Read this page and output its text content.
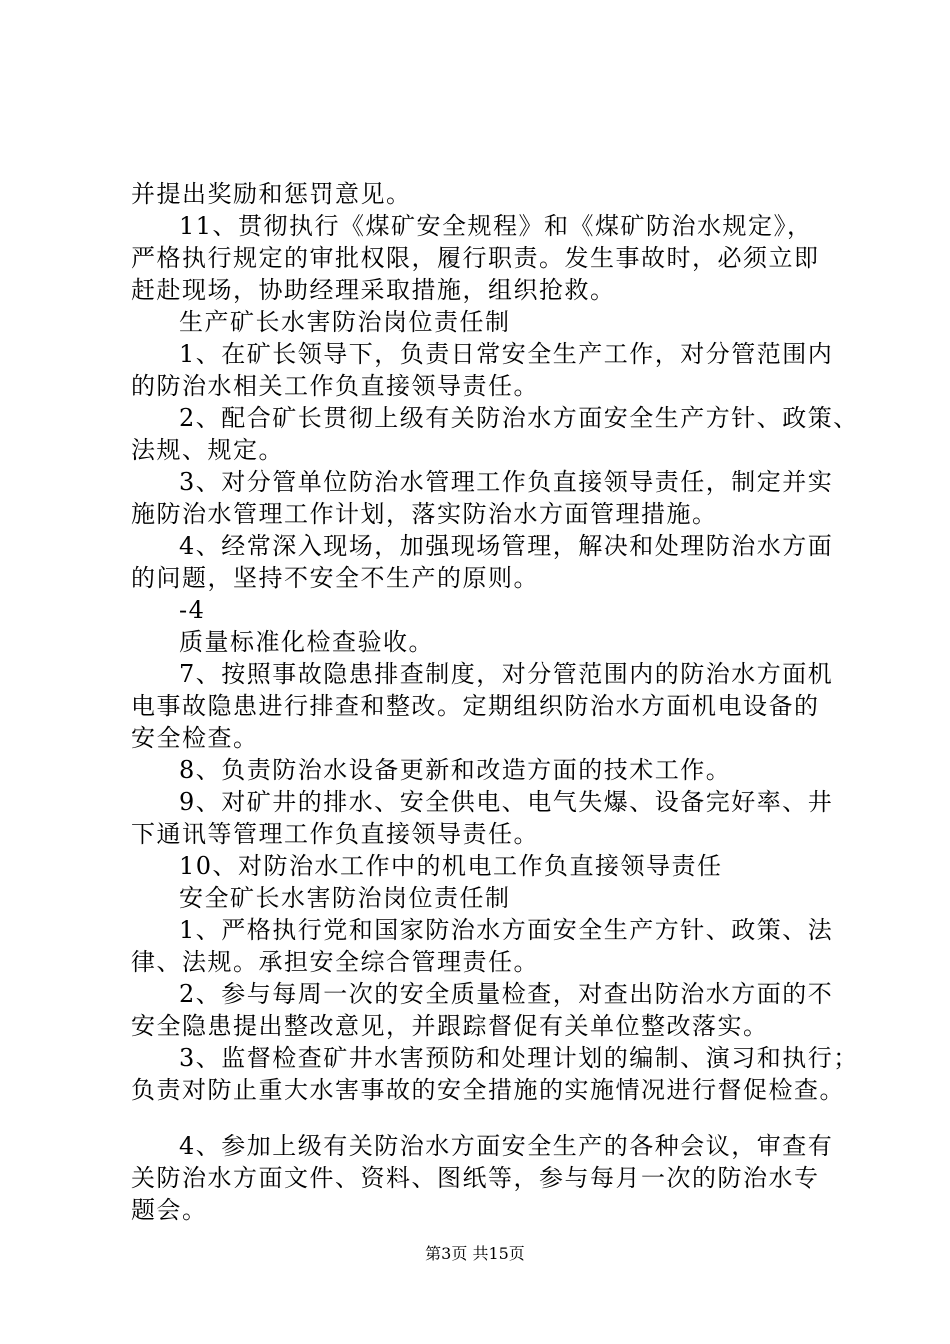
并提出奖励和惩罚意见。

11、贯彻执行《煤矿安全规程》和《煤矿防治水规定》，

严格执行规定的审批权限，履行职责。发生事故时，必须立即

赶赴现场，协助经理采取措施，组织抢救。

生产矿长水害防治岗位责任制

1、在矿长领导下，负责日常安全生产工作，对分管范围内

的防治水相关工作负直接领导责任。

2、配合矿长贯彻上级有关防治水方面安全生产方针、政策、

法规、规定。

3、对分管单位防治水管理工作负直接领导责任，制定并实

施防治水管理工作计划，落实防治水方面管理措施。

4、经常深入现场，加强现场管理，解决和处理防治水方面

的问题，坚持不安全不生产的原则。

-4

质量标准化检查验收。

7、按照事故隐患排查制度，对分管范围内的防治水方面机

电事故隐患进行排查和整改。定期组织防治水方面机电设备的

安全检查。

8、负责防治水设备更新和改造方面的技术工作。

9、对矿井的排水、安全供电、电气失爆、设备完好率、井

下通讯等管理工作负直接领导责任。

10、对防治水工作中的机电工作负直接领导责任

安全矿长水害防治岗位责任制

1、严格执行党和国家防治水方面安全生产方针、政策、法

律、法规。承担安全综合管理责任。

2、参与每周一次的安全质量检查，对查出防治水方面的不

安全隐患提出整改意见，并跟踪督促有关单位整改落实。

3、监督检查矿井水害预防和处理计划的编制、演习和执行；

负责对防止重大水害事故的安全措施的实施情况进行督促检查。

4、参加上级有关防治水方面安全生产的各种会议，审查有

关防治水方面文件、资料、图纸等，参与每月一次的防治水专

题会。

第3页 共15页
